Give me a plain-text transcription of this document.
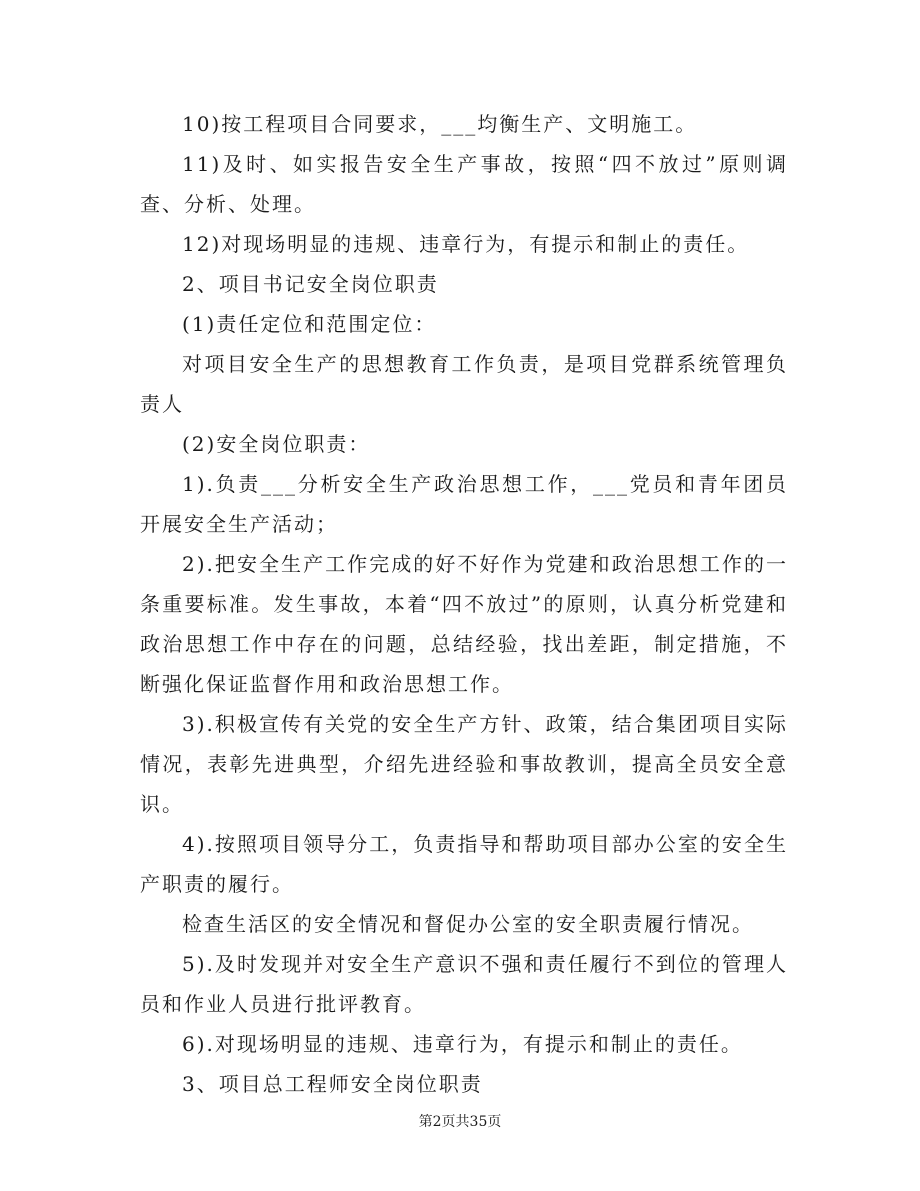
10)按工程项目合同要求，___均衡生产、文明施工。

11)及时、如实报告安全生产事故，按照“四不放过”原则调查、分析、处理。

12)对现场明显的违规、违章行为，有提示和制止的责任。

2、项目书记安全岗位职责

(1)责任定位和范围定位：

对项目安全生产的思想教育工作负责，是项目党群系统管理负责人

(2)安全岗位职责：

1).负责___分析安全生产政治思想工作，___党员和青年团员开展安全生产活动；

2).把安全生产工作完成的好不好作为党建和政治思想工作的一条重要标准。发生事故，本着“四不放过”的原则，认真分析党建和政治思想工作中存在的问题，总结经验，找出差距，制定措施，不断强化保证监督作用和政治思想工作。

3).积极宣传有关党的安全生产方针、政策，结合集团项目实际情况，表彰先进典型，介绍先进经验和事故教训，提高全员安全意识。

4).按照项目领导分工，负责指导和帮助项目部办公室的安全生产职责的履行。

检查生活区的安全情况和督促办公室的安全职责履行情况。

5).及时发现并对安全生产意识不强和责任履行不到位的管理人员和作业人员进行批评教育。

6).对现场明显的违规、违章行为，有提示和制止的责任。

3、项目总工程师安全岗位职责

第2页共35页
